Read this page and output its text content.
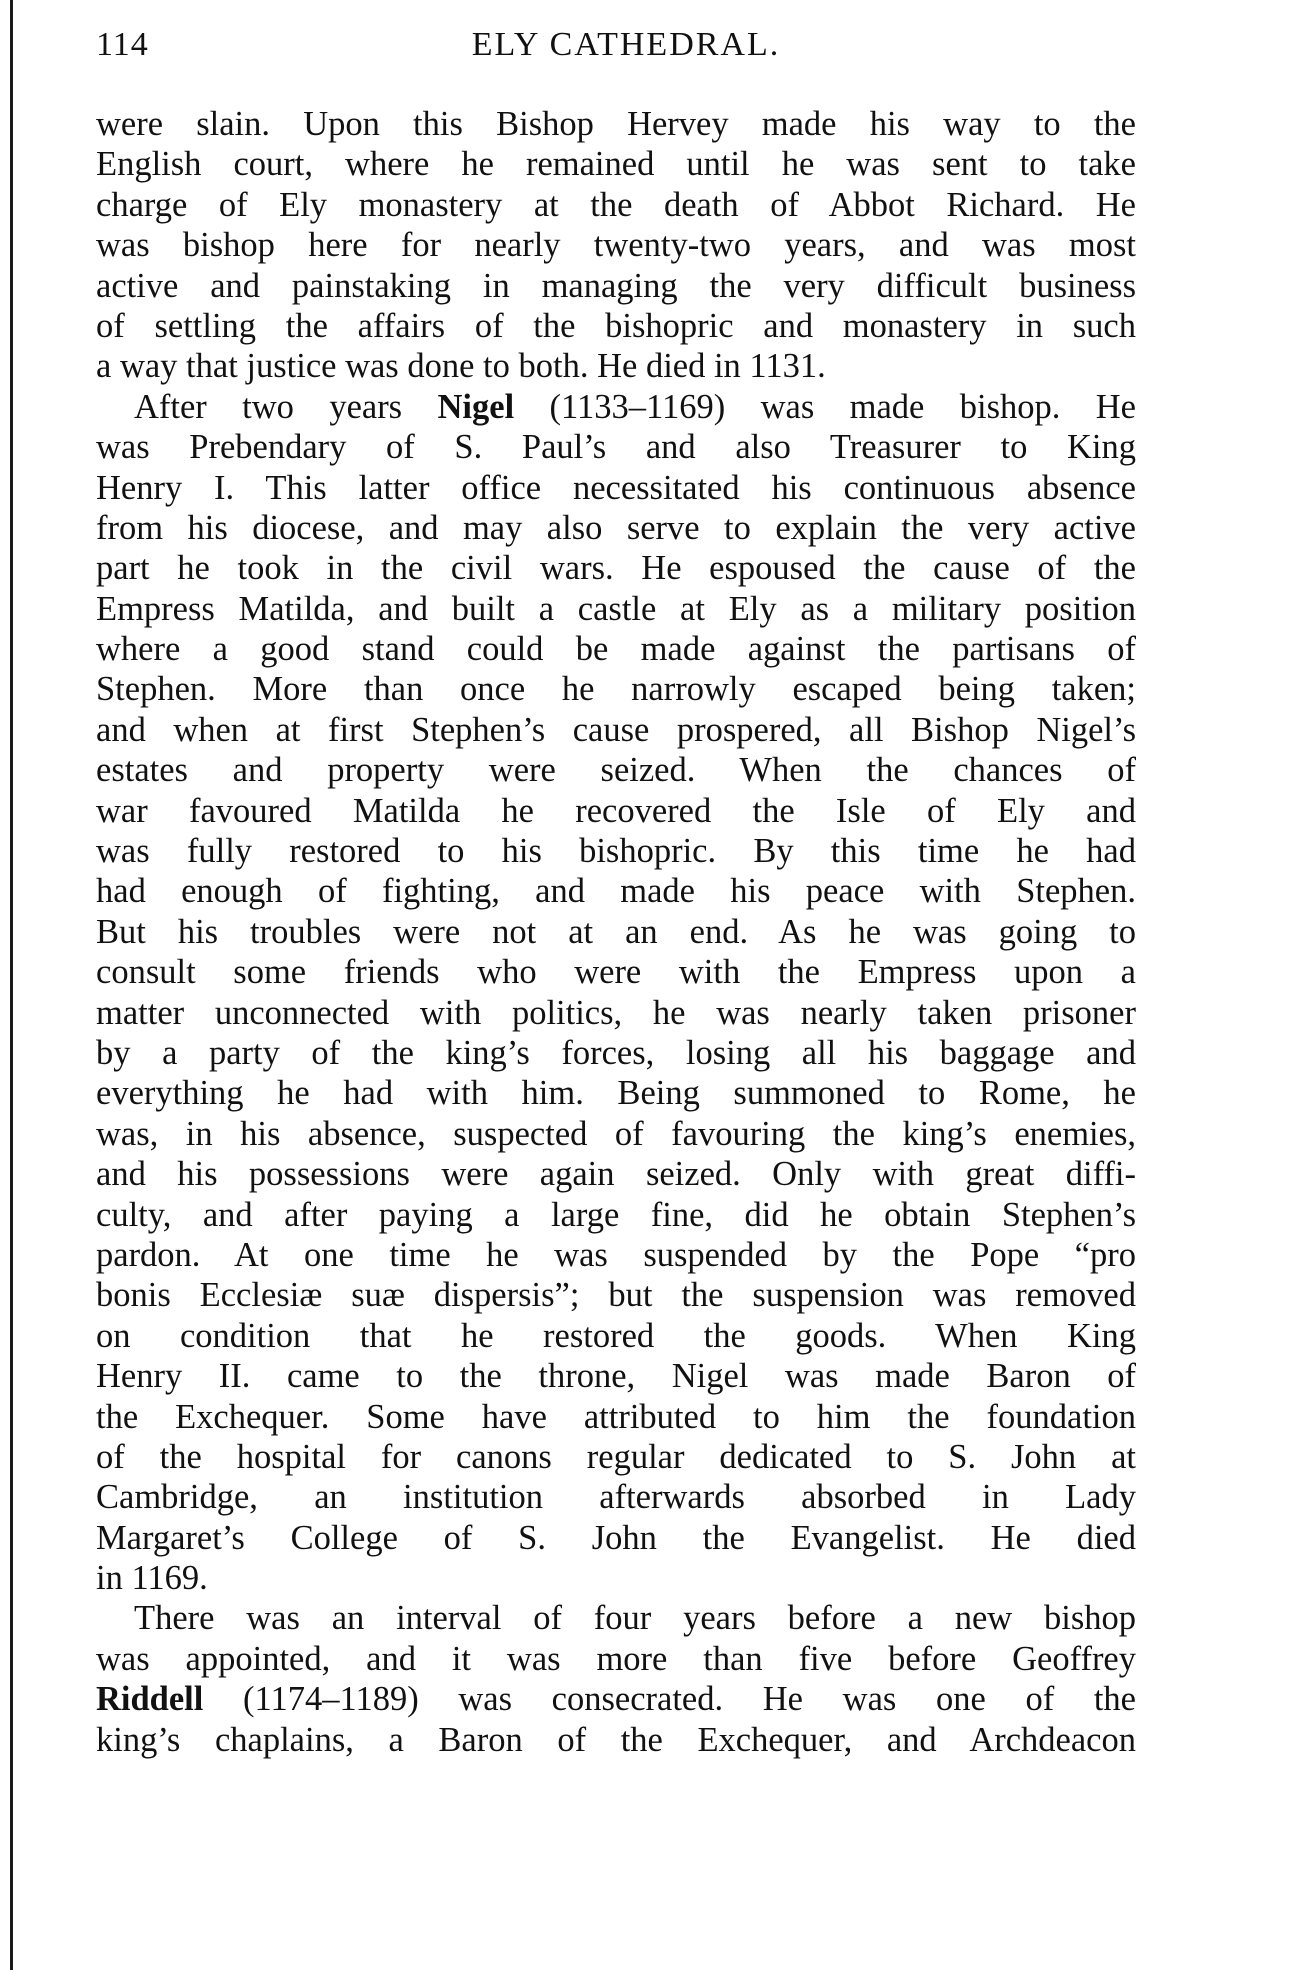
114	ELY CATHEDRAL.
were slain. Upon this Bishop Hervey made his way to the
English court, where he remained until he was sent to take
charge of Ely monastery at the death of Abbot Richard. He
was bishop here for nearly twenty-two years, and was most
active and painstaking in managing the very difficult business
of settling the affairs of the bishopric and monastery in such
a way that justice was done to both. He died in 1131.
After two years Nigel (1133–1169) was made bishop. He
was Prebendary of S. Paul’s and also Treasurer to King
Henry I. This latter office necessitated his continuous absence
from his diocese, and may also serve to explain the very active
part he took in the civil wars. He espoused the cause of the
Empress Matilda, and built a castle at Ely as a military position
where a good stand could be made against the partisans of
Stephen. More than once he narrowly escaped being taken;
and when at first Stephen’s cause prospered, all Bishop Nigel’s
estates and property were seized. When the chances of
war favoured Matilda he recovered the Isle of Ely and
was fully restored to his bishopric. By this time he had
had enough of fighting, and made his peace with Stephen.
But his troubles were not at an end. As he was going to
consult some friends who were with the Empress upon a
matter unconnected with politics, he was nearly taken prisoner
by a party of the king’s forces, losing all his baggage and
everything he had with him. Being summoned to Rome, he
was, in his absence, suspected of favouring the king’s enemies,
and his possessions were again seized. Only with great diffi-
culty, and after paying a large fine, did he obtain Stephen’s
pardon. At one time he was suspended by the Pope “pro
bonis Ecclesiæ suæ dispersis”; but the suspension was removed
on condition that he restored the goods. When King
Henry II. came to the throne, Nigel was made Baron of
the Exchequer. Some have attributed to him the foundation
of the hospital for canons regular dedicated to S. John at
Cambridge, an institution afterwards absorbed in Lady
Margaret’s College of S. John the Evangelist. He died
in 1169.
There was an interval of four years before a new bishop
was appointed, and it was more than five before Geoffrey
Riddell (1174–1189) was consecrated. He was one of the
king’s chaplains, a Baron of the Exchequer, and Archdeacon
